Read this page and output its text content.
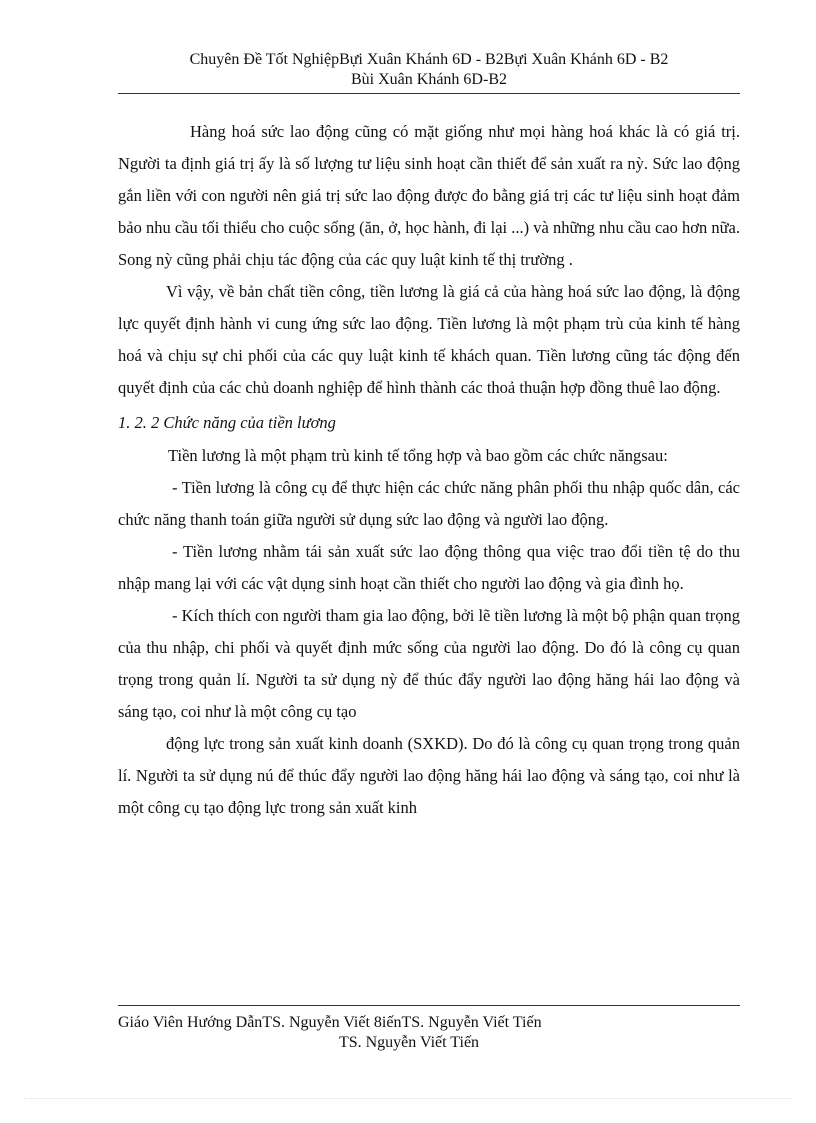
Chuyên Đề Tốt NghiệpBựi Xuân Khánh 6D - B2Bựi Xuân Khánh 6D - B2
Bùi Xuân Khánh 6D-B2

Hàng hoá sức lao động cũng có mặt giống như mọi hàng hoá khác là có giá trị. Người ta định giá trị ấy là số lượng tư liệu sinh hoạt cần thiết để sản xuất ra nỳ. Sức lao động gắn liền với con người nên giá trị sức lao động được đo bằng giá trị các tư liệu sinh hoạt đảm bảo nhu cầu tối thiểu cho cuộc sống (ăn, ở, học hành, đi lại ...) và những nhu cầu cao hơn nữa. Song nỳ cũng phải chịu tác động của các quy luật kinh tế thị trường .

Vì vậy, về bản chất tiền công, tiền lương là giá cả của hàng hoá sức lao động, là động lực quyết định hành vi cung ứng sức lao động. Tiền lương là một phạm trù của kinh tế hàng hoá và chịu sự chi phối của các quy luật kinh tế khách quan. Tiền lương cũng tác động đến quyết định của các chủ doanh nghiệp để hình thành các thoả thuận hợp đồng thuê lao động.

1. 2. 2 Chức năng của tiền lương

Tiền lương là một phạm trù kinh tế tổng hợp và bao gồm các chức năngsau:

- Tiền lương là công cụ để thực hiện các chức năng phân phối thu nhập quốc dân, các chức năng thanh toán giữa người sử dụng sức lao động và người lao động.

- Tiền lương nhằm tái sản xuất sức lao động thông qua việc trao đổi tiền tệ do thu nhập mang lại với các vật dụng sinh hoạt cần thiết cho người lao động và gia đình họ.

- Kích thích con người tham gia lao động, bởi lẽ tiền lương là một bộ phận quan trọng của thu nhập, chi phối và quyết định mức sống của người lao động. Do đó là công cụ quan trọng trong quản lí. Người ta sử dụng nỳ để thúc đẩy người lao động hăng hái lao động và sáng tạo, coi như là một công cụ tạo

động lực trong sản xuất kinh doanh (SXKD). Do đó là công cụ quan trọng trong quản lí. Người ta sử dụng nú để thúc đẩy người lao động hăng hái lao động và sáng tạo, coi như là một công cụ tạo động lực trong sản xuất kinh

Giáo Viên Hướng DẫnTS. Nguyễn Viết 8iếnTS. Nguyễn Viết Tiến
TS. Nguyễn Viết Tiến
